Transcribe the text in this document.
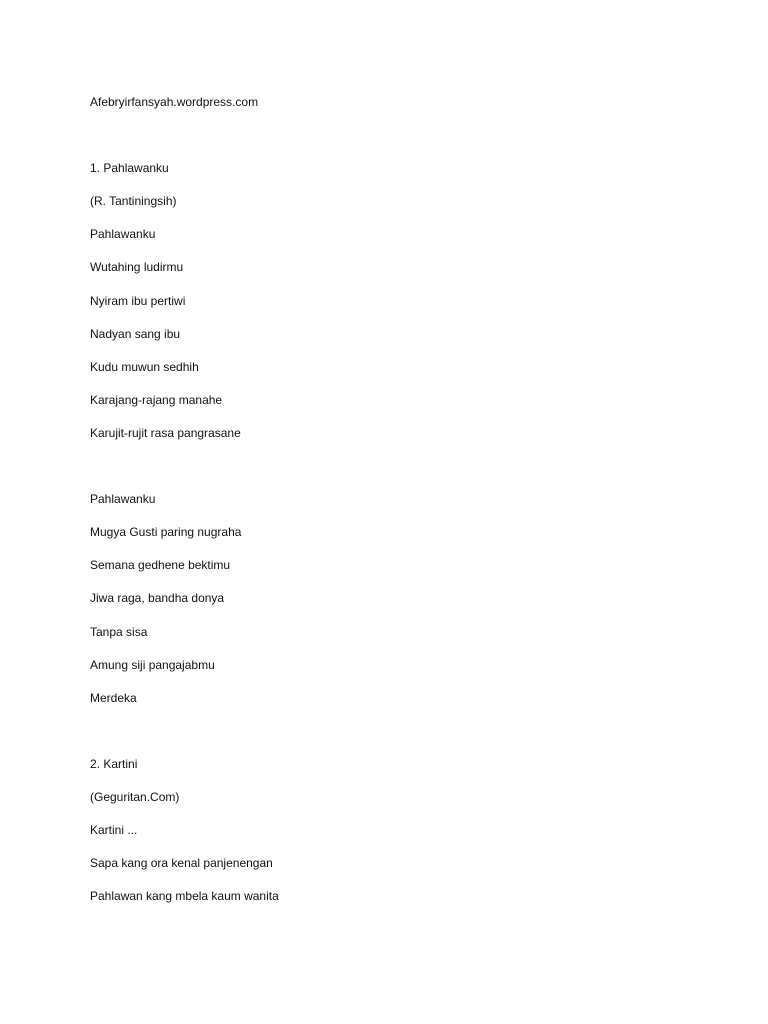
Afebryirfansyah.wordpress.com
1. Pahlawanku
(R. Tantiningsih)
Pahlawanku
Wutahing ludirmu
Nyiram ibu pertiwi
Nadyan sang ibu
Kudu muwun sedhih
Karajang-rajang manahe
Karujit-rujit rasa pangrasane
Pahlawanku
Mugya Gusti paring nugraha
Semana gedhene bektimu
Jiwa raga, bandha donya
Tanpa sisa
Amung siji pangajabmu
Merdeka
2. Kartini
(Geguritan.Com)
Kartini ...
Sapa kang ora kenal panjenengan
Pahlawan kang mbela kaum wanita
